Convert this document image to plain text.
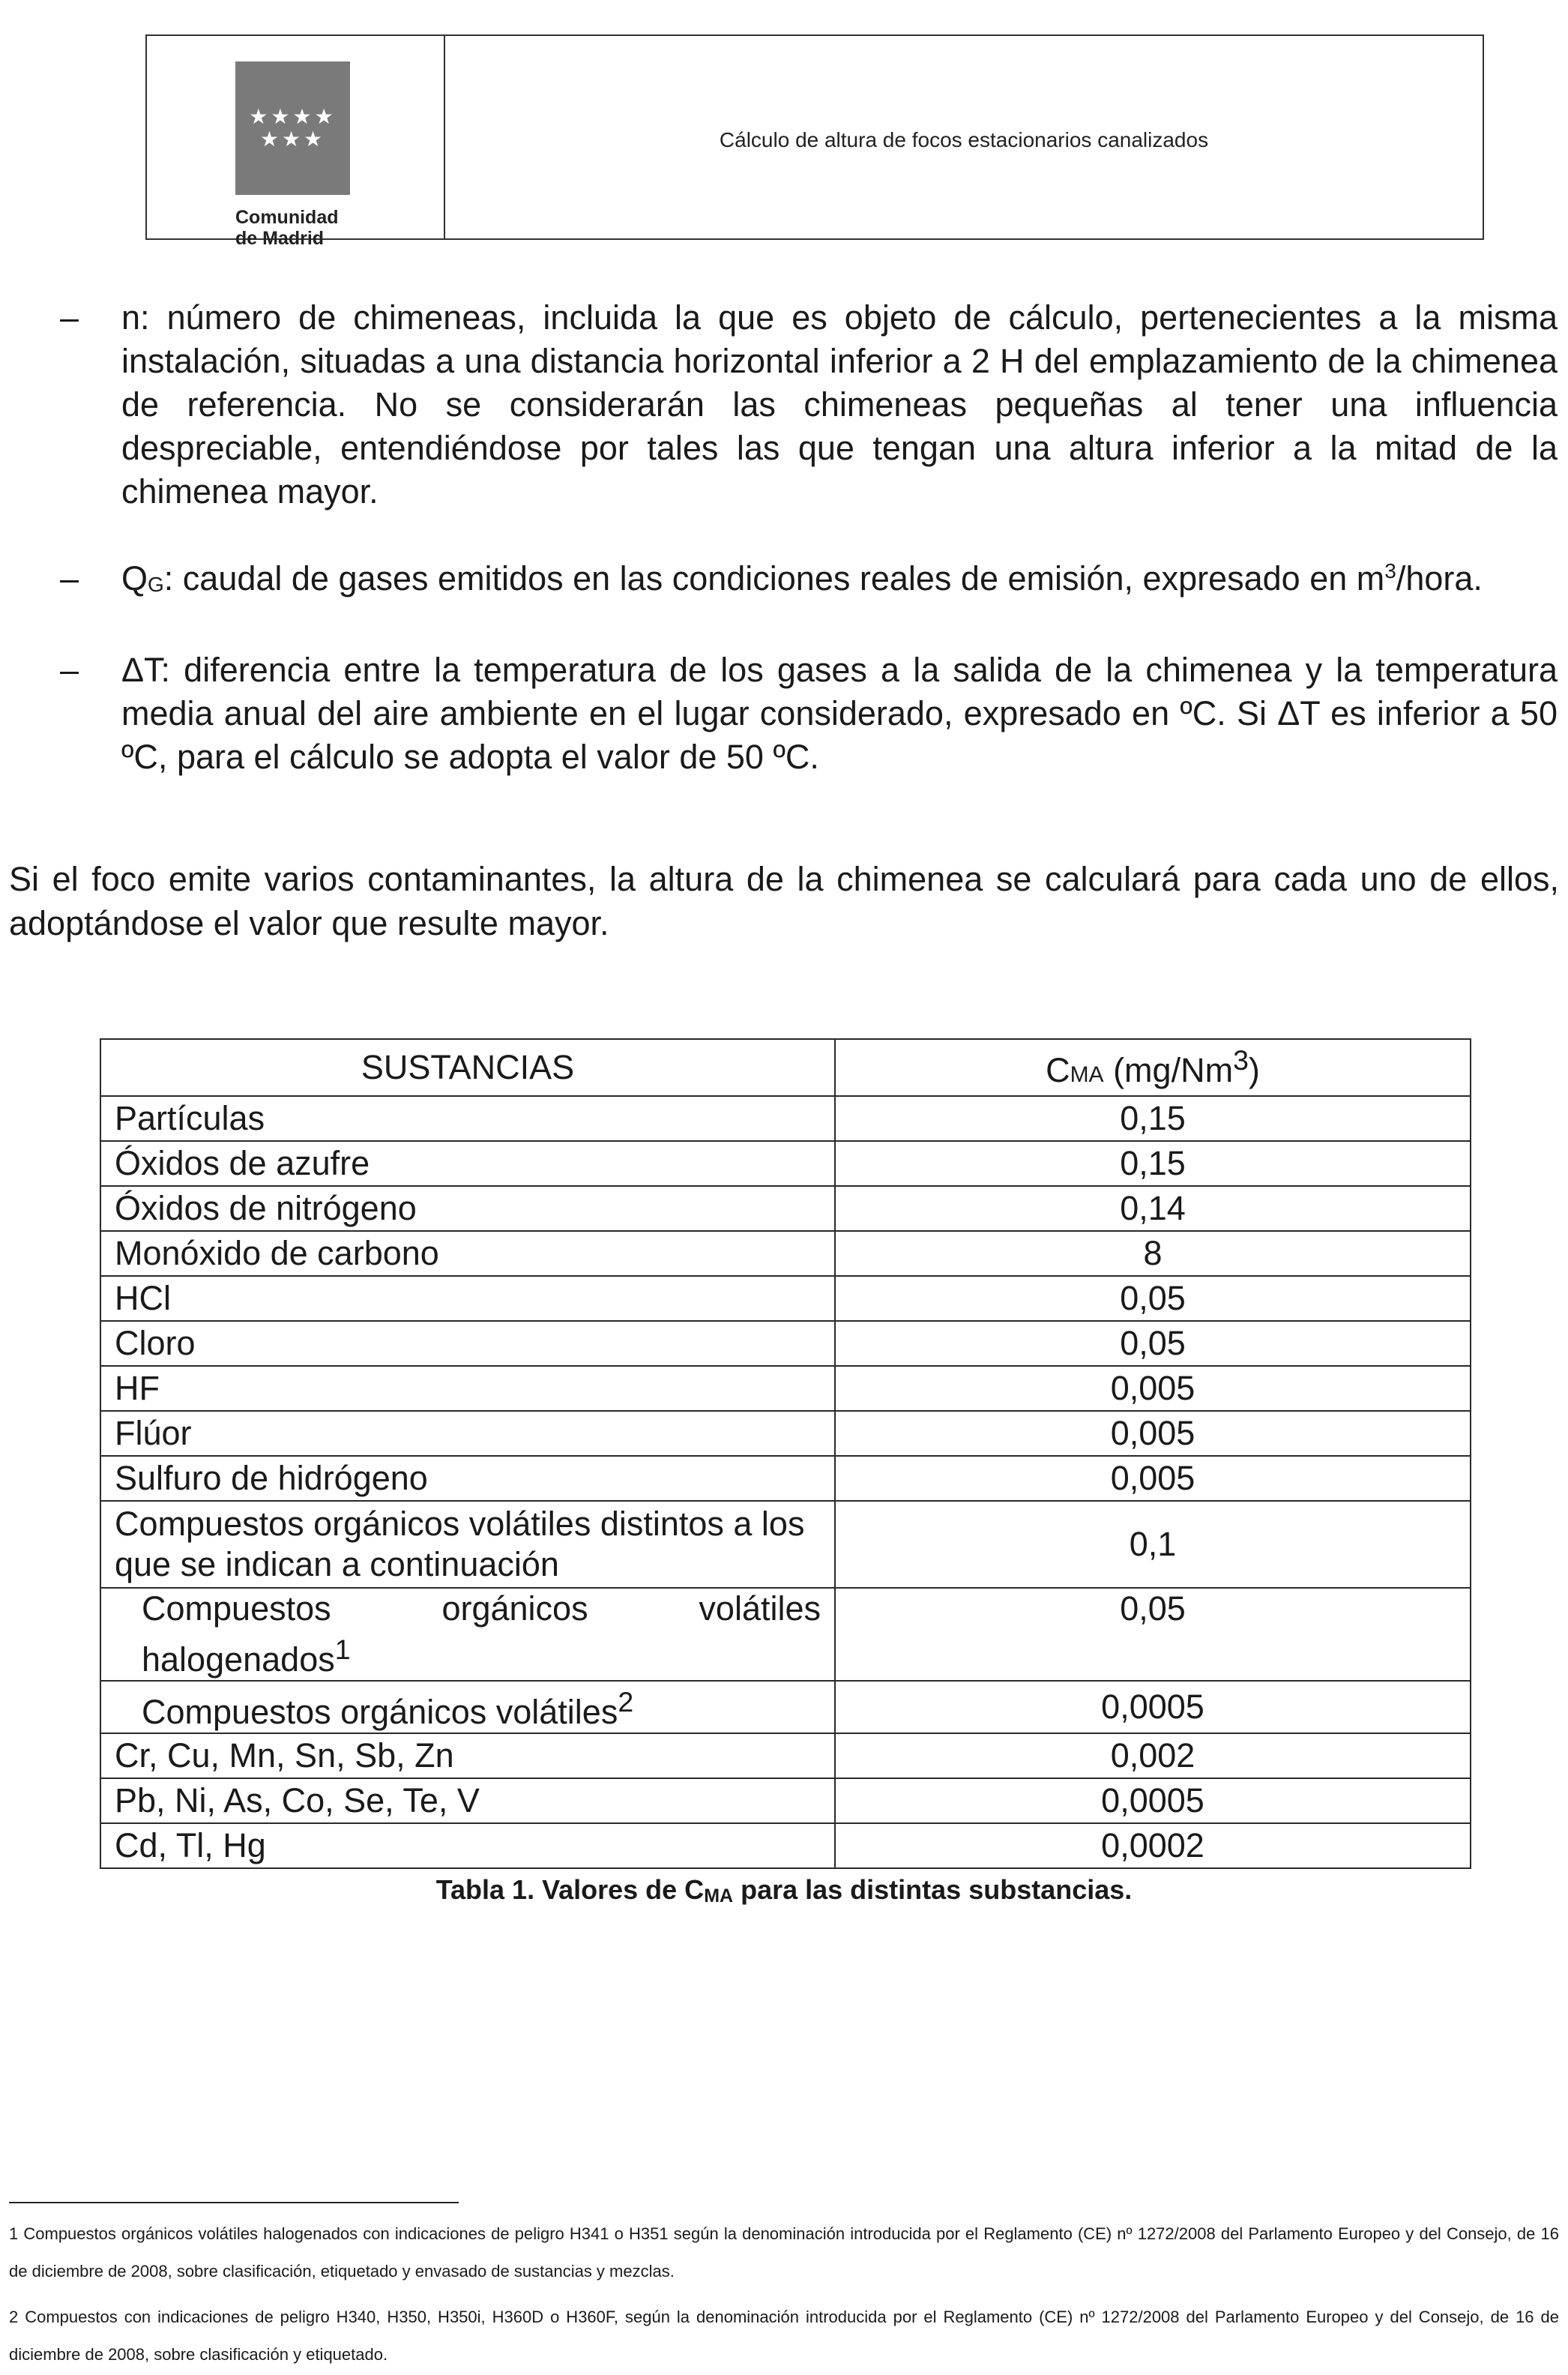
★★★★
★★★
Comunidad
de Madrid
Cálculo de altura de focos estacionarios canalizados
– n: número de chimeneas, incluida la que es objeto de cálculo, pertenecientes a la misma instalación, situadas a una distancia horizontal inferior a 2 H del emplazamiento de la chimenea de referencia. No se considerarán las chimeneas pequeñas al tener una influencia despreciable, entendiéndose por tales las que tengan una altura inferior a la mitad de la chimenea mayor.
– $Q_G$: caudal de gases emitidos en las condiciones reales de emisión, expresado en $m^3$/hora.
– ΔT: diferencia entre la temperatura de los gases a la salida de la chimenea y la temperatura media anual del aire ambiente en el lugar considerado, expresado en ºC. Si ΔT es inferior a 50 ºC, para el cálculo se adopta el valor de 50 ºC.
Si el foco emite varios contaminantes, la altura de la chimenea se calculará para cada uno de ellos, adoptándose el valor que resulte mayor.
SUSTANCIAS	CMA (mg/Nm$^3$)
Partículas	0,15
Óxidos de azufre	0,15
Óxidos de nitrógeno	0,14
Monóxido de carbono	8
HCl	0,05
Cloro	0,05
HF	0,005
Flúor	0,005
Sulfuro de hidrógeno	0,005
Compuestos orgánicos volátiles distintos a los que se indican a continuación	0,1
Compuestos orgánicos volátiles halogenados$^1$	0,05
Compuestos orgánicos volátiles$^2$	0,0005
Cr, Cu, Mn, Sn, Sb, Zn	0,002
Pb, Ni, As, Co, Se, Te, V	0,0005
Cd, Tl, Hg	0,0002
Tabla 1. Valores de $C_{MA}$ para las distintas substancias.
1 Compuestos orgánicos volátiles halogenados con indicaciones de peligro H341 o H351 según la denominación introducida por el Reglamento (CE) nº 1272/2008 del Parlamento Europeo y del Consejo, de 16 de diciembre de 2008, sobre clasificación, etiquetado y envasado de sustancias y mezclas.
2 Compuestos con indicaciones de peligro H340, H350, H350i, H360D o H360F, según la denominación introducida por el Reglamento (CE) nº 1272/2008 del Parlamento Europeo y del Consejo, de 16 de diciembre de 2008, sobre clasificación y etiquetado.
